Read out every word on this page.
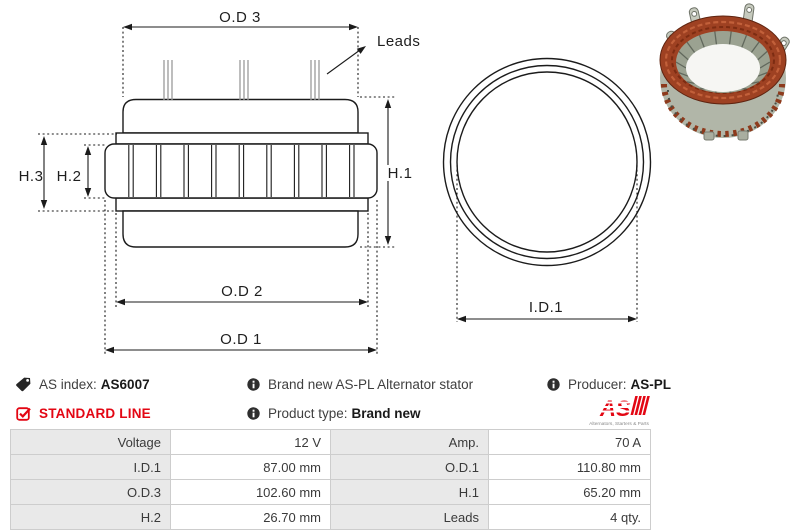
O.D 3
Leads
H.1
H.3 H.2
O.D 2
O.D 1
I.D.1
AS index: AS6007
STANDARD LINE
Brand new AS-PL Alternator stator
Product type: Brand new
Producer: AS-PL
AS
Alternators, Starters & Parts
Voltage	12 V	Amp.	70 A
I.D.1	87.00 mm	O.D.1	110.80 mm
O.D.3	102.60 mm	H.1	65.20 mm
H.2	26.70 mm	Leads	4 qty.
